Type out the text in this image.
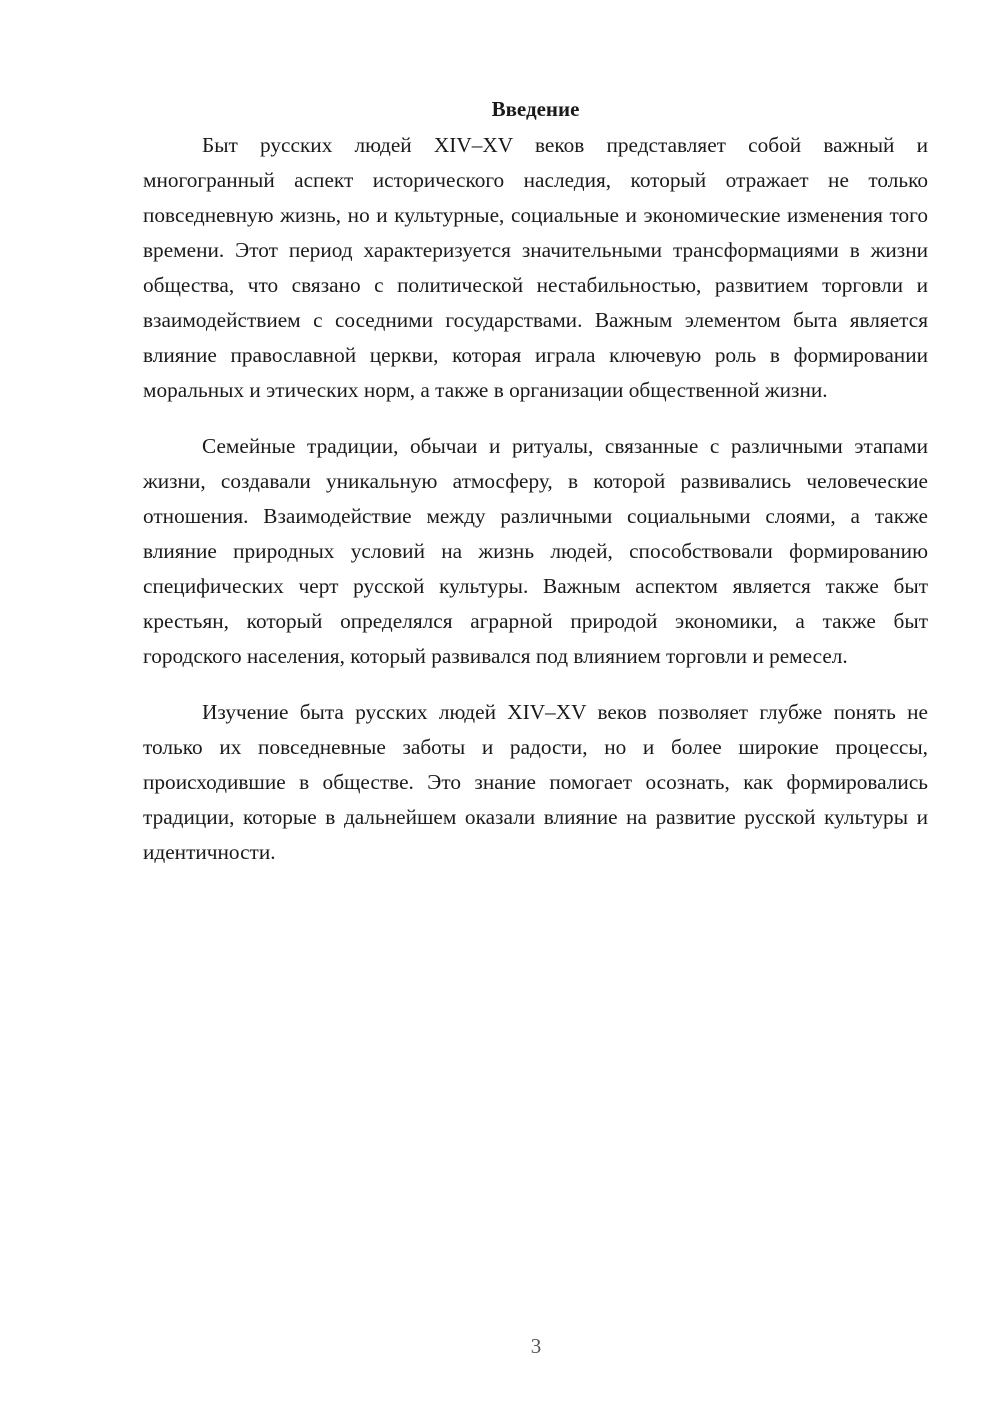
Введение

Быт русских людей XIV–XV веков представляет собой важный и многогранный аспект исторического наследия, который отражает не только повседневную жизнь, но и культурные, социальные и экономические изменения того времени. Этот период характеризуется значительными трансформациями в жизни общества, что связано с политической нестабильностью, развитием торговли и взаимодействием с соседними государствами. Важным элементом быта является влияние православной церкви, которая играла ключевую роль в формировании моральных и этических норм, а также в организации общественной жизни.

Семейные традиции, обычаи и ритуалы, связанные с различными этапами жизни, создавали уникальную атмосферу, в которой развивались человеческие отношения. Взаимодействие между различными социальными слоями, а также влияние природных условий на жизнь людей, способствовали формированию специфических черт русской культуры. Важным аспектом является также быт крестьян, который определялся аграрной природой экономики, а также быт городского населения, который развивался под влиянием торговли и ремесел.

Изучение быта русских людей XIV–XV веков позволяет глубже понять не только их повседневные заботы и радости, но и более широкие процессы, происходившие в обществе. Это знание помогает осознать, как формировались традиции, которые в дальнейшем оказали влияние на развитие русской культуры и идентичности.

3
